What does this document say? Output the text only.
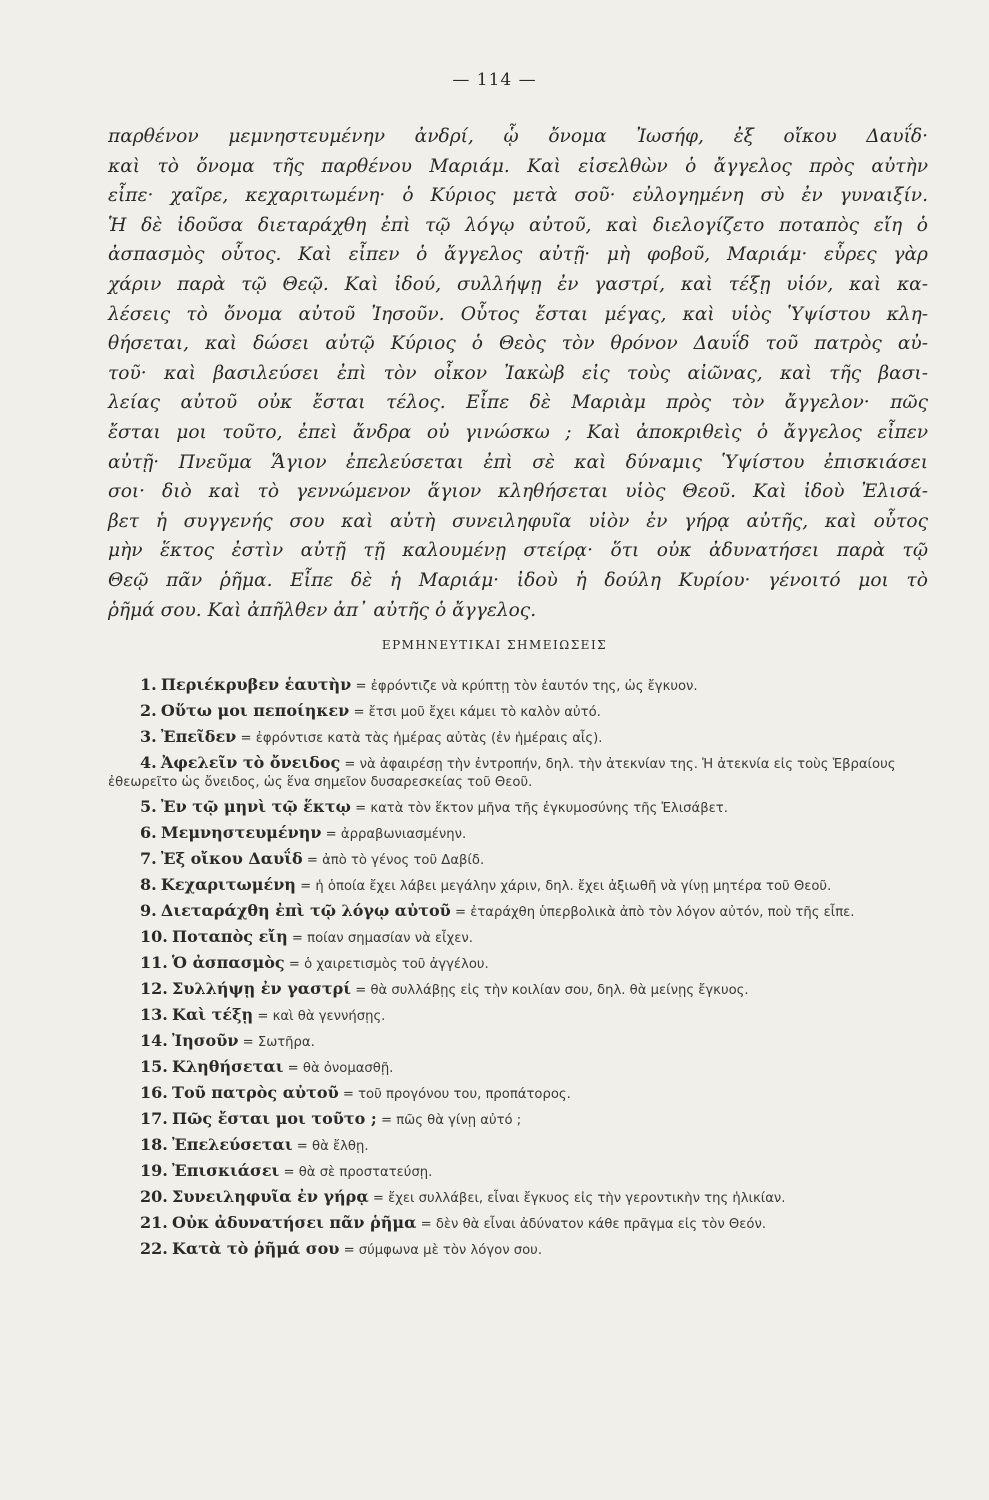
— 114 —
παρθένον μεμνηστευμένην ἀνδρί, ᾧ ὄνομα Ἰωσήφ, ἐξ οἴκου Δαυΐδ·
καὶ τὸ ὄνομα τῆς παρθένου Μαριάμ. Καὶ εἰσελθὼν ὁ ἄγγελος πρὸς αὐτὴν
εἶπε· χαῖρε, κεχαριτωμένη· ὁ Κύριος μετὰ σοῦ· εὐλογημένη σὺ ἐν γυναιξίν.
Ἡ δὲ ἰδοῦσα διεταράχθη ἐπὶ τῷ λόγῳ αὐτοῦ, καὶ διελογίζετο ποταπὸς εἴη ὁ
ἀσπασμὸς οὗτος. Καὶ εἶπεν ὁ ἄγγελος αὐτῇ· μὴ φοβοῦ, Μαριάμ· εὗρες γὰρ
χάριν παρὰ τῷ Θεῷ. Καὶ ἰδού, συλλήψῃ ἐν γαστρί, καὶ τέξῃ υἱόν, καὶ κα-
λέσεις τὸ ὄνομα αὐτοῦ Ἰησοῦν. Οὗτος ἔσται μέγας, καὶ υἱὸς Ὑψίστου κλη-
θήσεται, καὶ δώσει αὐτῷ Κύριος ὁ Θεὸς τὸν θρόνον Δαυΐδ τοῦ πατρὸς αὐ-
τοῦ· καὶ βασιλεύσει ἐπὶ τὸν οἶκον Ἰακὼβ εἰς τοὺς αἰῶνας, καὶ τῆς βασι-
λείας αὐτοῦ οὐκ ἔσται τέλος. Εἶπε δὲ Μαριὰμ πρὸς τὸν ἄγγελον· πῶς
ἔσται μοι τοῦτο, ἐπεὶ ἄνδρα οὐ γινώσκω ; Καὶ ἀποκριθεὶς ὁ ἄγγελος εἶπεν
αὐτῇ· Πνεῦμα Ἅγιον ἐπελεύσεται ἐπὶ σὲ καὶ δύναμις Ὑψίστου ἐπισκιάσει
σοι· διὸ καὶ τὸ γεννώμενον ἅγιον κληθήσεται υἱὸς Θεοῦ. Καὶ ἰδοὺ Ἐλισά-
βετ ἡ συγγενής σου καὶ αὐτὴ συνειληφυῖα υἱὸν ἐν γήρᾳ αὐτῆς, καὶ οὗτος
μὴν ἕκτος ἐστὶν αὐτῇ τῇ καλουμένῃ στείρᾳ· ὅτι οὐκ ἀδυνατήσει παρὰ τῷ
Θεῷ πᾶν ῥῆμα. Εἶπε δὲ ἡ Μαριάμ· ἰδοὺ ἡ δούλη Κυρίου· γένοιτό μοι τὸ
ῥῆμά σου. Καὶ ἀπῆλθεν ἀπ᾿ αὐτῆς ὁ ἄγγελος.
ΕΡΜΗΝΕΥΤΙΚΑΙ ΣΗΜΕΙΩΣΕΙΣ
1. Περιέκρυβεν ἑαυτὴν = ἐφρόντιζε νὰ κρύπτῃ τὸν ἑαυτόν της, ὡς ἔγκυον.
2. Οὕτω μοι πεποίηκεν = ἔτσι μοῦ ἔχει κάμει τὸ καλὸν αὐτό.
3. Ἐπεῖδεν = ἐφρόντισε κατὰ τὰς ἡμέρας αὐτὰς (ἐν ἡμέραις αἷς).
4. Ἀφελεῖν τὸ ὄνειδος = νὰ ἀφαιρέσῃ τὴν ἐντροπήν, δηλ. τὴν ἀτεκνίαν της. Ἡ ἀτεκνία εἰς τοὺς Ἑβραίους ἐθεωρεῖτο ὡς ὄνειδος, ὡς ἕνα σημεῖον δυσαρεσκείας τοῦ Θεοῦ.
5. Ἐν τῷ μηνὶ τῷ ἕκτῳ = κατὰ τὸν ἕκτον μῆνα τῆς ἐγκυμοσύνης τῆς Ἐλισάβετ.
6. Μεμνηστευμένην = ἀρραβωνιασμένην.
7. Ἐξ οἴκου Δαυΐδ = ἀπὸ τὸ γένος τοῦ Δαβίδ.
8. Κεχαριτωμένη = ἡ ὁποία ἔχει λάβει μεγάλην χάριν, δηλ. ἔχει ἀξιωθῆ νὰ γίνῃ μητέρα τοῦ Θεοῦ.
9. Διεταράχθη ἐπὶ τῷ λόγῳ αὐτοῦ = ἐταράχθη ὑπερβολικὰ ἀπὸ τὸν λόγον αὐτόν, ποὺ τῆς εἶπε.
10. Ποταπὸς εἴη = ποίαν σημασίαν νὰ εἶχεν.
11. Ὁ ἀσπασμὸς = ὁ χαιρετισμὸς τοῦ ἀγγέλου.
12. Συλλήψῃ ἐν γαστρί = θὰ συλλάβῃς εἰς τὴν κοιλίαν σου, δηλ. θὰ μείνῃς ἔγκυος.
13. Καὶ τέξῃ = καὶ θὰ γεννήσῃς.
14. Ἰησοῦν = Σωτῆρα.
15. Κληθήσεται = θὰ ὀνομασθῇ.
16. Τοῦ πατρὸς αὐτοῦ = τοῦ προγόνου του, προπάτορος.
17. Πῶς ἔσται μοι τοῦτο ; = πῶς θὰ γίνῃ αὐτό ;
18. Ἐπελεύσεται = θὰ ἔλθῃ.
19. Ἐπισκιάσει = θὰ σὲ προστατεύσῃ.
20. Συνειληφυῖα ἐν γήρᾳ = ἔχει συλλάβει, εἶναι ἔγκυος εἰς τὴν γεροντικὴν της ἡλικίαν.
21. Οὐκ ἀδυνατήσει πᾶν ῥῆμα = δὲν θὰ εἶναι ἀδύνατον κάθε πρᾶγμα εἰς τὸν Θεόν.
22. Κατὰ τὸ ῥῆμά σου = σύμφωνα μὲ τὸν λόγον σου.
